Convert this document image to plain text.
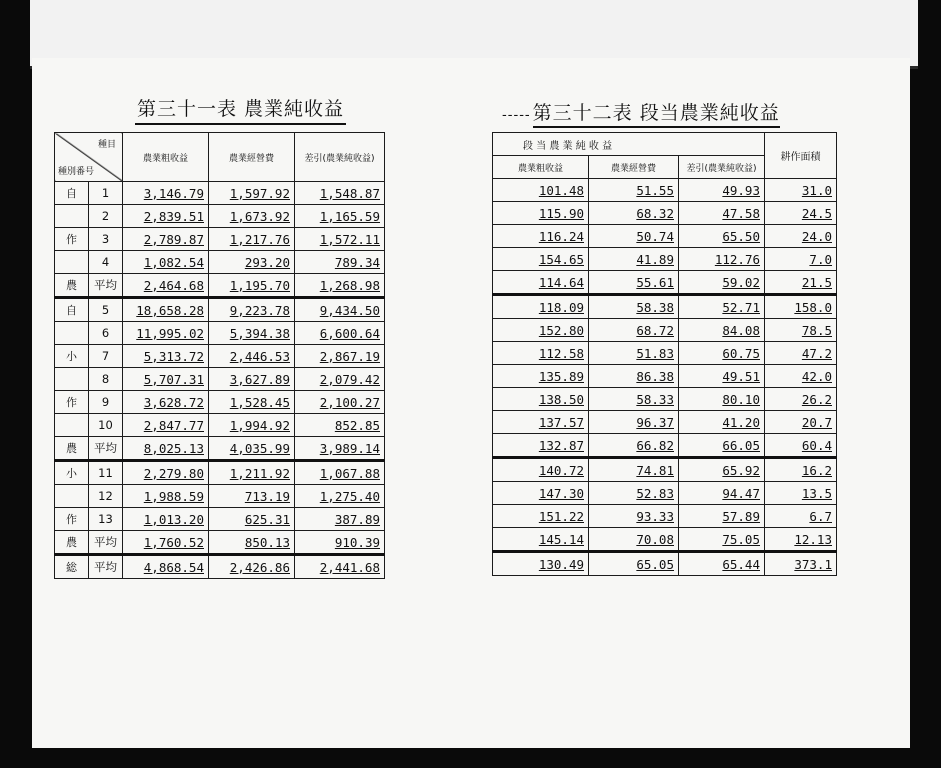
第三十一表 農業純收益	----- 第三十二表 段当農業純收益
種目
種別番号		農業粗收益	農業經營費	差引(農業純收益)
自	1	3,146.79	1,597.92	1,548.87
	2	2,839.51	1,673.92	1,165.59
作	3	2,789.87	1,217.76	1,572.11
	4	1,082.54	293.20	789.34
農	平均	2,464.68	1,195.70	1,268.98
自	5	18,658.28	9,223.78	9,434.50
	6	11,995.02	5,394.38	6,600.64
小	7	5,313.72	2,446.53	2,867.19
	8	5,707.31	3,627.89	2,079.42
作	9	3,628.72	1,528.45	2,100.27
	10	2,847.77	1,994.92	852.85
農	平均	8,025.13	4,035.99	3,989.14
小	11	2,279.80	1,211.92	1,067.88
	12	1,988.59	713.19	1,275.40
作	13	1,013.20	625.31	387.89
農	平均	1,760.52	850.13	910.39
総	平均	4,868.54	2,426.86	2,441.68
段 当 農 業 純 收 益			耕作面積
農業粗收益	農業經營費	差引(農業純收益)	
101.48	51.55	49.93	31.0
115.90	68.32	47.58	24.5
116.24	50.74	65.50	24.0
154.65	41.89	112.76	7.0
114.64	55.61	59.02	21.5
118.09	58.38	52.71	158.0
152.80	68.72	84.08	78.5
112.58	51.83	60.75	47.2
135.89	86.38	49.51	42.0
138.50	58.33	80.10	26.2
137.57	96.37	41.20	20.7
132.87	66.82	66.05	60.4
140.72	74.81	65.92	16.2
147.30	52.83	94.47	13.5
151.22	93.33	57.89	6.7
145.14	70.08	75.05	12.13
130.49	65.05	65.44	373.1
